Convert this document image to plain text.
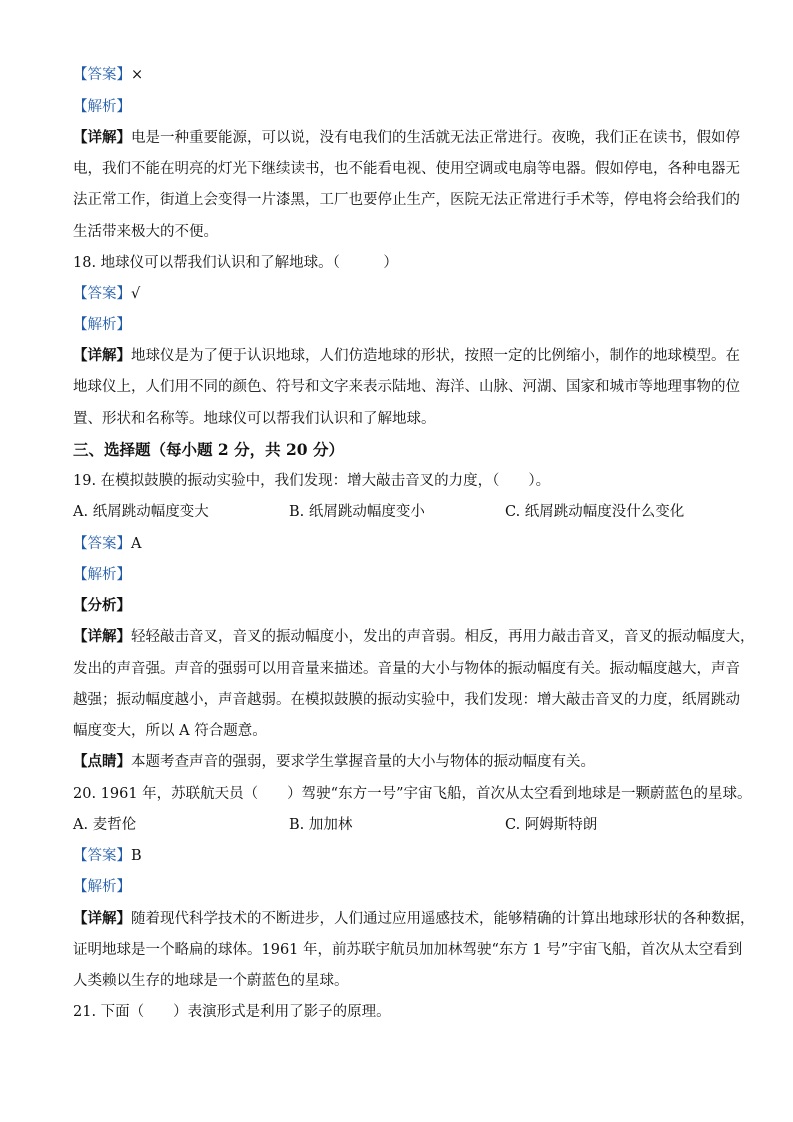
【答案】×
【解析】
【详解】电是一种重要能源，可以说，没有电我们的生活就无法正常进行。夜晚，我们正在读书，假如停
电，我们不能在明亮的灯光下继续读书，也不能看电视、使用空调或电扇等电器。假如停电，各种电器无
法正常工作，街道上会变得一片漆黑，工厂也要停止生产，医院无法正常进行手术等，停电将会给我们的
生活带来极大的不便。
18. 地球仪可以帮我们认识和了解地球。（　　　）
【答案】√
【解析】
【详解】地球仪是为了便于认识地球，人们仿造地球的形状，按照一定的比例缩小，制作的地球模型。在
地球仪上，人们用不同的颜色、符号和文字来表示陆地、海洋、山脉、河湖、国家和城市等地理事物的位
置、形状和名称等。地球仪可以帮我们认识和了解地球。
三、选择题（每小题 2 分，共 20 分）
19. 在模拟鼓膜的振动实验中，我们发现：增大敲击音叉的力度，（　　）。
A. 纸屑跳动幅度变大	B. 纸屑跳动幅度变小	C. 纸屑跳动幅度没什么变化
【答案】A
【解析】
【分析】
【详解】轻轻敲击音叉，音叉的振动幅度小，发出的声音弱。相反，再用力敲击音叉，音叉的振动幅度大，
发出的声音强。声音的强弱可以用音量来描述。音量的大小与物体的振动幅度有关。振动幅度越大，声音
越强；振动幅度越小，声音越弱。在模拟鼓膜的振动实验中，我们发现：增大敲击音叉的力度，纸屑跳动
幅度变大，所以 A 符合题意。
【点睛】本题考查声音的强弱，要求学生掌握音量的大小与物体的振动幅度有关。
20. 1961 年，苏联航天员（　　）驾驶“东方一号”宇宙飞船，首次从太空看到地球是一颗蔚蓝色的星球。
A. 麦哲伦	B. 加加林	C. 阿姆斯特朗
【答案】B
【解析】
【详解】随着现代科学技术的不断进步，人们通过应用遥感技术，能够精确的计算出地球形状的各种数据，
证明地球是一个略扁的球体。1961 年，前苏联宇航员加加林驾驶“东方 1 号”宇宙飞船，首次从太空看到
人类赖以生存的地球是一个蔚蓝色的星球。
21. 下面（　　）表演形式是利用了影子的原理。
